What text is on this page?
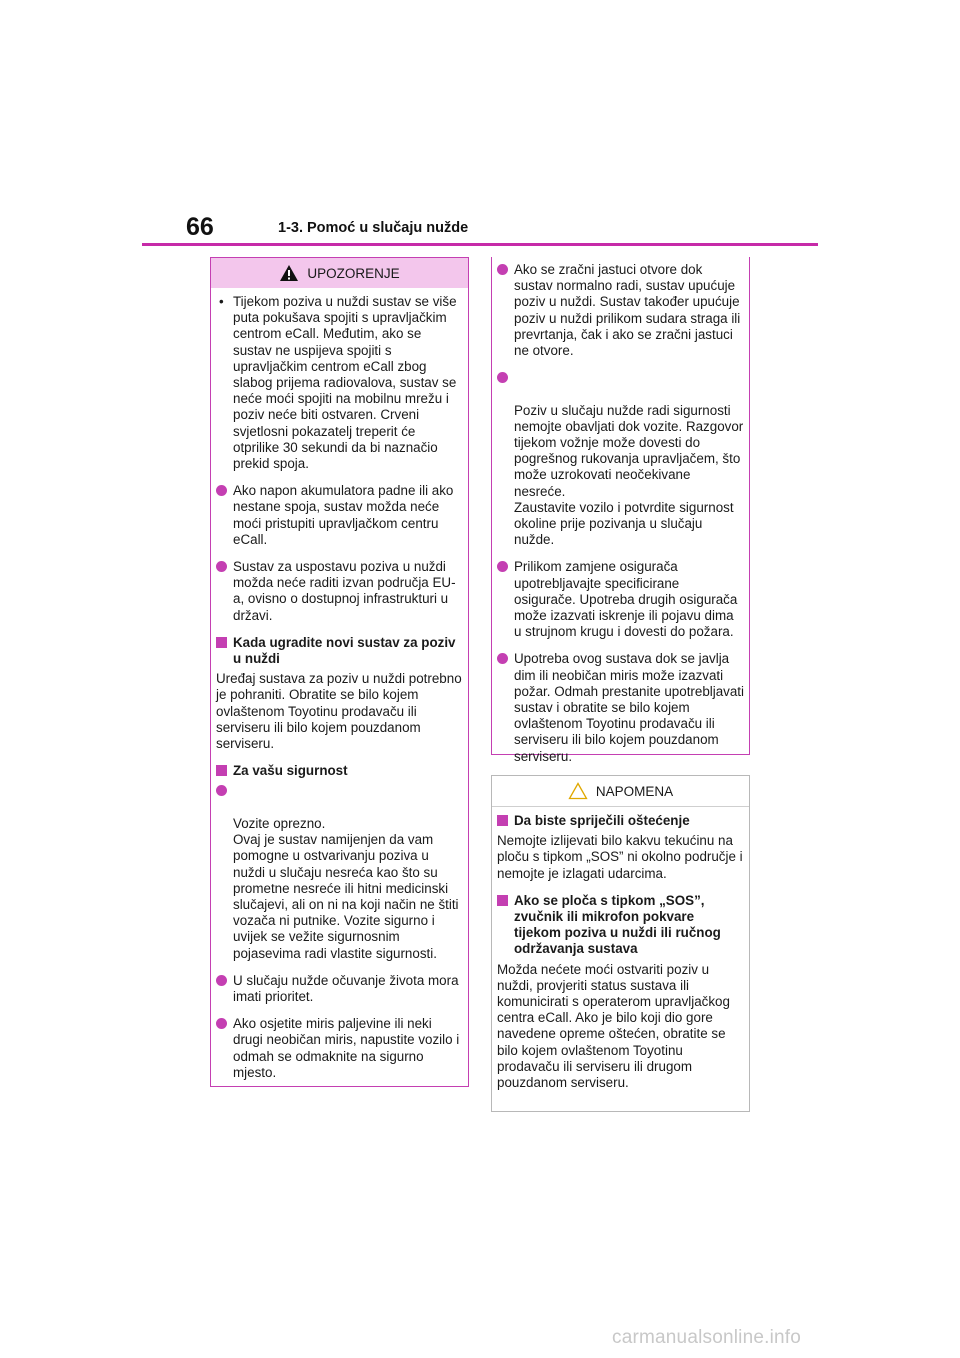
66	1-3. Pomoć u slučaju nužde
UPOZORENJE
• Tijekom poziva u nuždi sustav se više puta pokušava spojiti s upravljačkim centrom eCall. Međutim, ako se sustav ne uspijeva spojiti s upravljačkim centrom eCall zbog slabog prijema radiovalova, sustav se neće moći spojiti na mobilnu mrežu i poziv neće biti ostvaren. Crveni svjetlosni pokazatelj treperit će otprilike 30 sekundi da bi naznačio prekid spoja.
Ako napon akumulatora padne ili ako nestane spoja, sustav možda neće moći pristupiti upravljačkom centru eCall.
Sustav za uspostavu poziva u nuždi možda neće raditi izvan područja EU-a, ovisno o dostupnoj infrastrukturi u državi.
Kada ugradite novi sustav za poziv u nuždi
Uređaj sustava za poziv u nuždi potrebno je pohraniti. Obratite se bilo kojem ovlaštenom Toyotinu prodavaču ili serviseru ili bilo kojem pouzdanom serviseru.
Za vašu sigurnost

Vozite oprezno.
Ovaj je sustav namijenjen da vam pomogne u ostvarivanju poziva u nuždi u slučaju nesreća kao što su prometne nesreće ili hitni medicinski slučajevi, ali on ni na koji način ne štiti vozača ni putnike. Vozite sigurno i uvijek se vežite sigurnosnim pojasevima radi vlastite sigurnosti.

U slučaju nužde očuvanje života mora imati prioritet.
Ako osjetite miris paljevine ili neki drugi neobičan miris, napustite vozilo i odmah se odmaknite na sigurno mjesto.
Ako se zračni jastuci otvore dok sustav normalno radi, sustav upućuje poziv u nuždi. Sustav također upućuje poziv u nuždi prilikom sudara straga ili prevrtanja, čak i ako se zračni jastuci ne otvore.

Poziv u slučaju nužde radi sigurnosti nemojte obavljati dok vozite. Razgovor tijekom vožnje može dovesti do pogrešnog rukovanja upravljačem, što može uzrokovati neočekivane nesreće.
Zaustavite vozilo i potvrdite sigurnost okoline prije pozivanja u slučaju nužde.

Prilikom zamjene osigurača upotrebljavajte specificirane osigurače. Upotreba drugih osigurača može izazvati iskrenje ili pojavu dima u strujnom krugu i dovesti do požara.
Upotreba ovog sustava dok se javlja dim ili neobičan miris može izazvati požar. Odmah prestanite upotrebljavati sustav i obratite se bilo kojem ovlaštenom Toyotinu prodavaču ili serviseru ili bilo kojem pouzdanom serviseru.
NAPOMENA
Da biste spriječili oštećenje
Nemojte izlijevati bilo kakvu tekućinu na ploču s tipkom „SOS” ni okolno područje i nemojte je izlagati udarcima.
Ako se ploča s tipkom „SOS”, zvučnik ili mikrofon pokvare tijekom poziva u nuždi ili ručnog održavanja sustava
Možda nećete moći ostvariti poziv u nuždi, provjeriti status sustava ili komunicirati s operaterom upravljačkog centra eCall. Ako je bilo koji dio gore navedene opreme oštećen, obratite se bilo kojem ovlaštenom Toyotinu prodavaču ili serviseru ili drugom pouzdanom serviseru.
carmanualsonline.info
